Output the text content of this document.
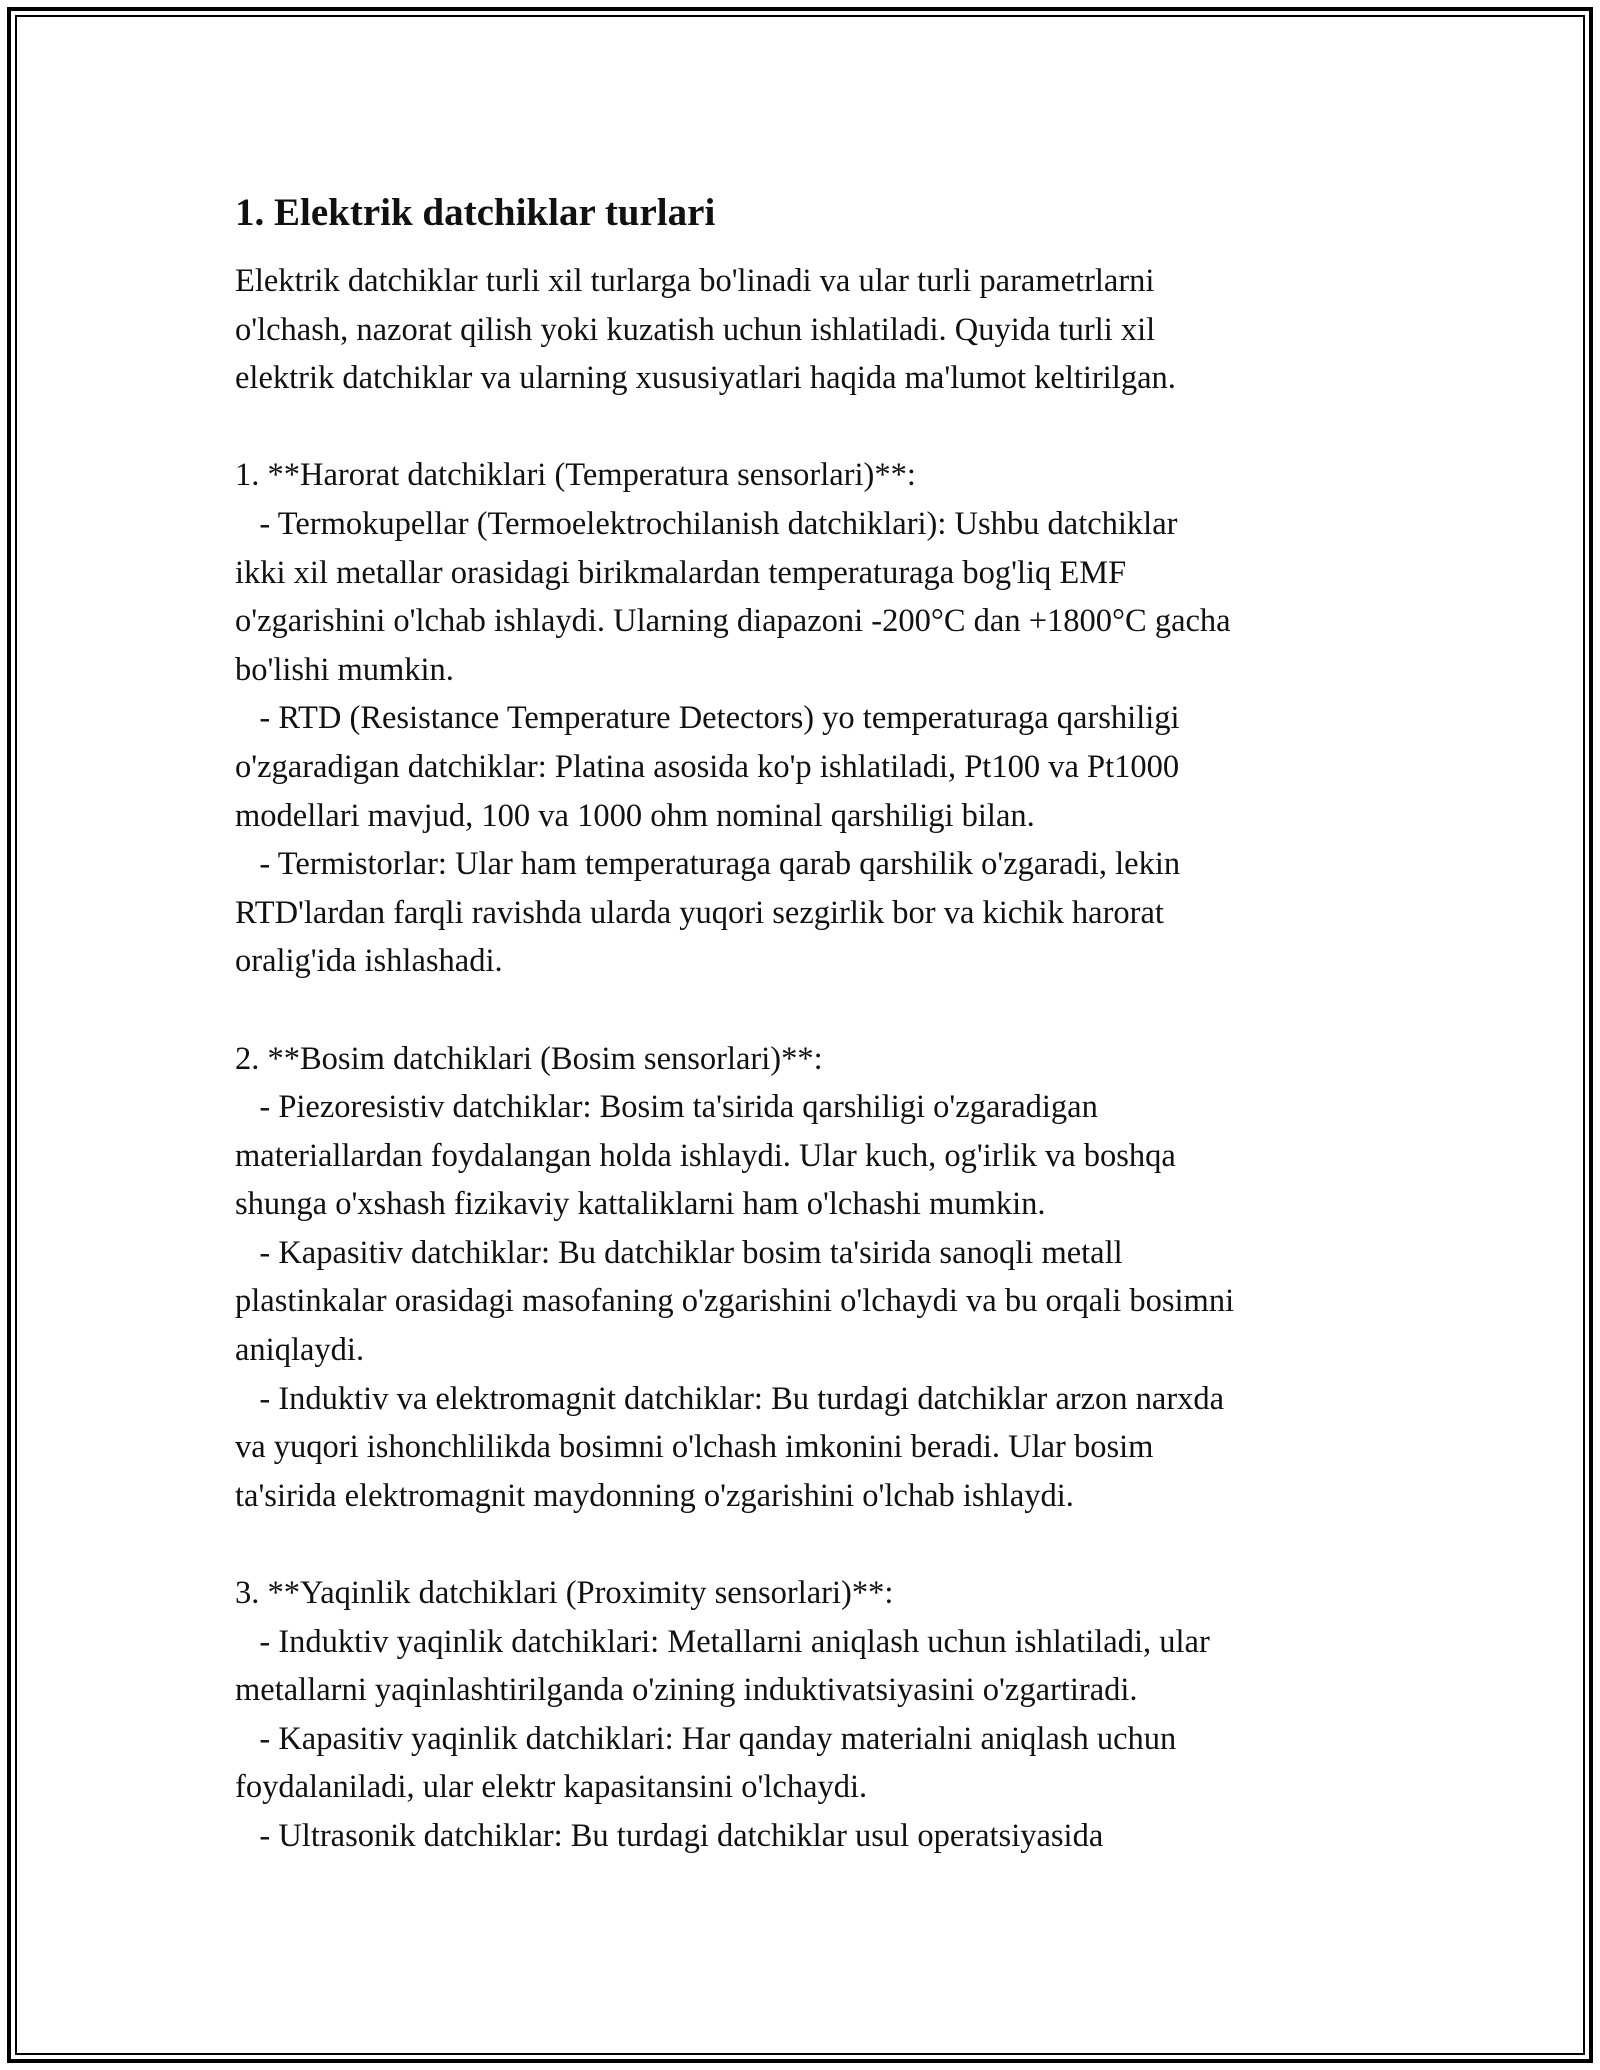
1. Elektrik datchiklar turlari

Elektrik datchiklar turli xil turlarga bo'linadi va ular turli parametrlarni

o'lchash, nazorat qilish yoki kuzatish uchun ishlatiladi. Quyida turli xil

elektrik datchiklar va ularning xususiyatlari haqida ma'lumot keltirilgan.

1. **Harorat datchiklari (Temperatura sensorlari)**:

- Termokupellar (Termoelektrochilanish datchiklari): Ushbu datchiklar

ikki xil metallar orasidagi birikmalardan temperaturaga bog'liq EMF

o'zgarishini o'lchab ishlaydi. Ularning diapazoni -200°C dan +1800°C gacha

bo'lishi mumkin.

- RTD (Resistance Temperature Detectors) yo temperaturaga qarshiligi

o'zgaradigan datchiklar: Platina asosida ko'p ishlatiladi, Pt100 va Pt1000

modellari mavjud, 100 va 1000 ohm nominal qarshiligi bilan.

- Termistorlar: Ular ham temperaturaga qarab qarshilik o'zgaradi, lekin

RTD'lardan farqli ravishda ularda yuqori sezgirlik bor va kichik harorat

oralig'ida ishlashadi.

2. **Bosim datchiklari (Bosim sensorlari)**:

- Piezoresistiv datchiklar: Bosim ta'sirida qarshiligi o'zgaradigan

materiallardan foydalangan holda ishlaydi. Ular kuch, og'irlik va boshqa

shunga o'xshash fizikaviy kattaliklarni ham o'lchashi mumkin.

- Kapasitiv datchiklar: Bu datchiklar bosim ta'sirida sanoqli metall

plastinkalar orasidagi masofaning o'zgarishini o'lchaydi va bu orqali bosimni

aniqlaydi.

- Induktiv va elektromagnit datchiklar: Bu turdagi datchiklar arzon narxda

va yuqori ishonchlilikda bosimni o'lchash imkonini beradi. Ular bosim

ta'sirida elektromagnit maydonning o'zgarishini o'lchab ishlaydi.

3. **Yaqinlik datchiklari (Proximity sensorlari)**:

- Induktiv yaqinlik datchiklari: Metallarni aniqlash uchun ishlatiladi, ular

metallarni yaqinlashtirilganda o'zining induktivatsiyasini o'zgartiradi.

- Kapasitiv yaqinlik datchiklari: Har qanday materialni aniqlash uchun

foydalaniladi, ular elektr kapasitansini o'lchaydi.

- Ultrasonik datchiklar: Bu turdagi datchiklar usul operatsiyasida
